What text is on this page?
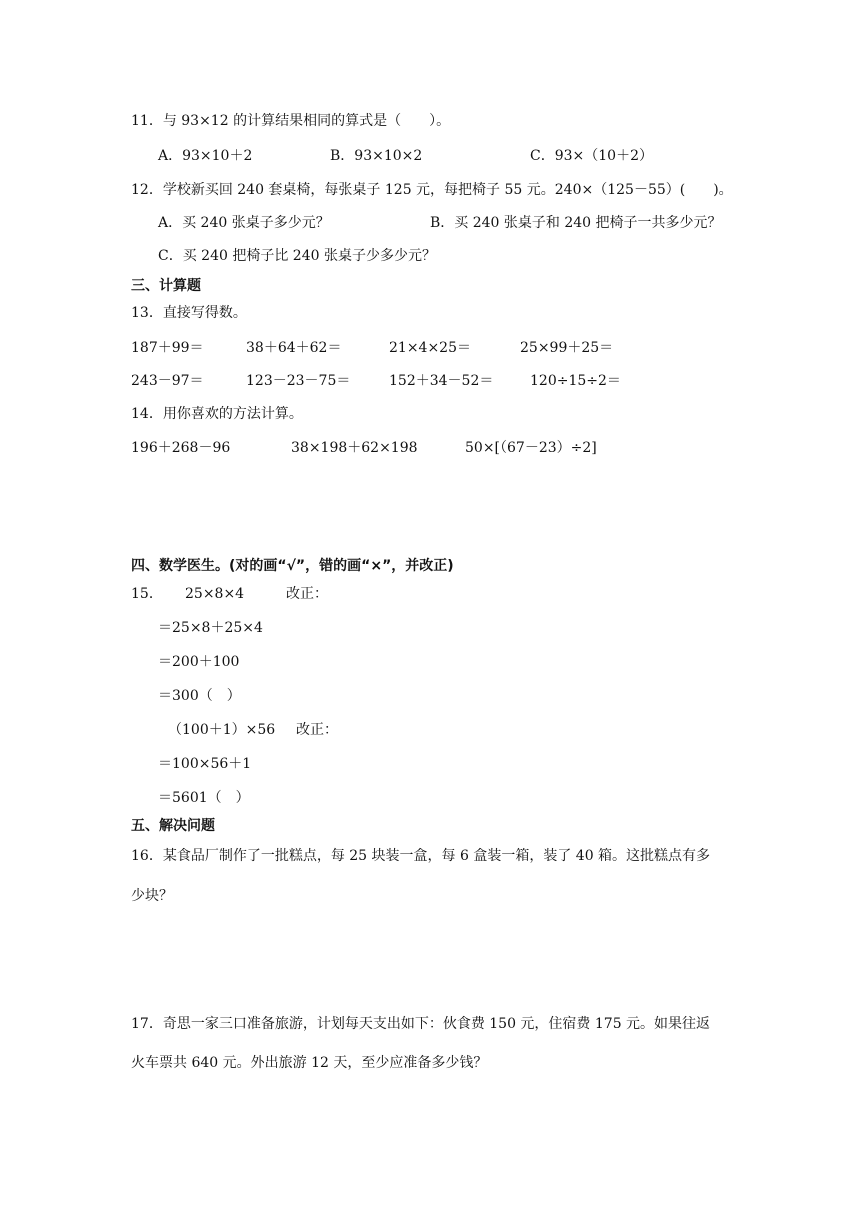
11．与 93×12 的计算结果相同的算式是（　　）。
A．93×10＋2	B．93×10×2	C．93×（10＋2）
12．学校新买回 240 套桌椅，每张桌子 125 元，每把椅子 55 元。240×（125－55）(　　)。
A．买 240 张桌子多少元？	B．买 240 张桌子和 240 把椅子一共多少元？
C．买 240 把椅子比 240 张桌子少多少元？
三、计算题
13．直接写得数。
187＋99＝	38＋64＋62＝	21×4×25＝	25×99＋25＝
243－97＝	123－23－75＝	152＋34－52＝	120÷15÷2＝
14．用你喜欢的方法计算。
196＋268－96	38×198＋62×198	50×[（67－23）÷2]
四、数学医生。(对的画“√”，错的画“×”，并改正)
15． 25×8×4	改正：
＝25×8＋25×4
＝200＋100
＝300（　）
（100＋1）×56 改正：
＝100×56＋1
＝5601（　）
五、解决问题
16．某食品厂制作了一批糕点，每 25 块装一盒，每 6 盒装一箱，装了 40 箱。这批糕点有多
少块？
17．奇思一家三口准备旅游，计划每天支出如下：伙食费 150 元，住宿费 175 元。如果往返
火车票共 640 元。外出旅游 12 天，至少应准备多少钱？
